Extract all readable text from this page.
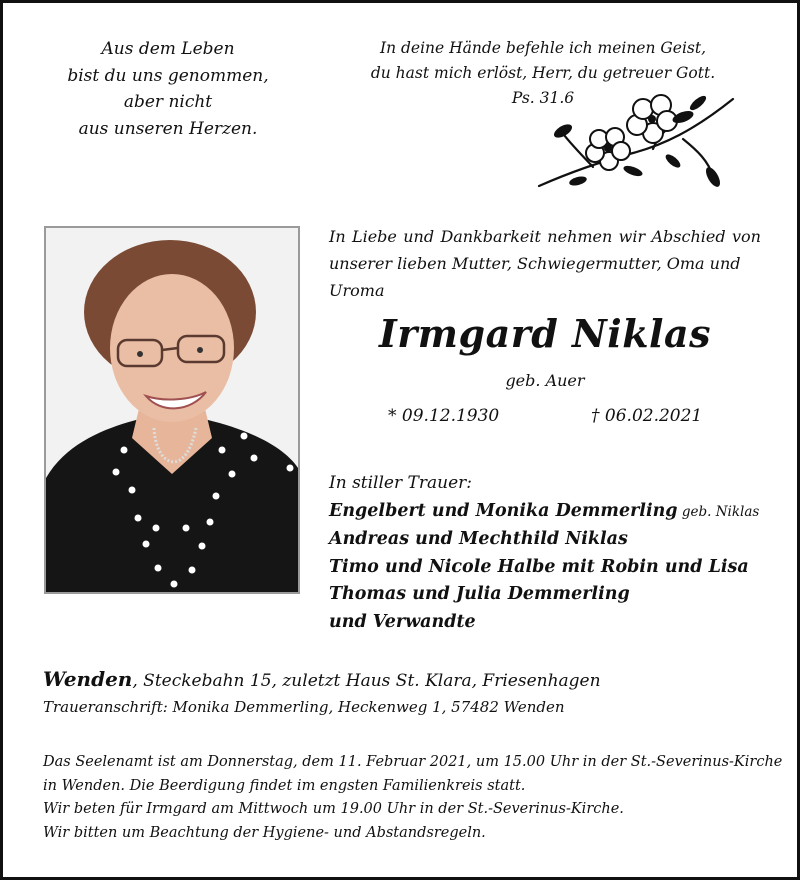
Aus dem Leben
bist du uns genommen,
aber nicht
aus unseren Herzen.
In deine Hände befehle ich meinen Geist,
du hast mich erlöst, Herr, du getreuer Gott.
Ps. 31.6
In Liebe und Dankbarkeit nehmen wir Abschied von
unserer lieben Mutter, Schwiegermutter, Oma und Uroma
Irmgard Niklas
geb. Auer
* 09.12.1930	† 06.02.2021
In stiller Trauer:
Engelbert und Monika Demmerling geb. Niklas
Andreas und Mechthild Niklas
Timo und Nicole Halbe mit Robin und Lisa
Thomas und Julia Demmerling
und Verwandte
Wenden, Steckebahn 15, zuletzt Haus St. Klara, Friesenhagen
Traueranschrift: Monika Demmerling, Heckenweg 1, 57482 Wenden
Das Seelenamt ist am Donnerstag, dem 11. Februar 2021, um 15.00 Uhr in der St.-Severinus-Kirche
in Wenden. Die Beerdigung findet im engsten Familienkreis statt.
Wir beten für Irmgard am Mittwoch um 19.00 Uhr in der St.-Severinus-Kirche.
Wir bitten um Beachtung der Hygiene- und Abstandsregeln.
